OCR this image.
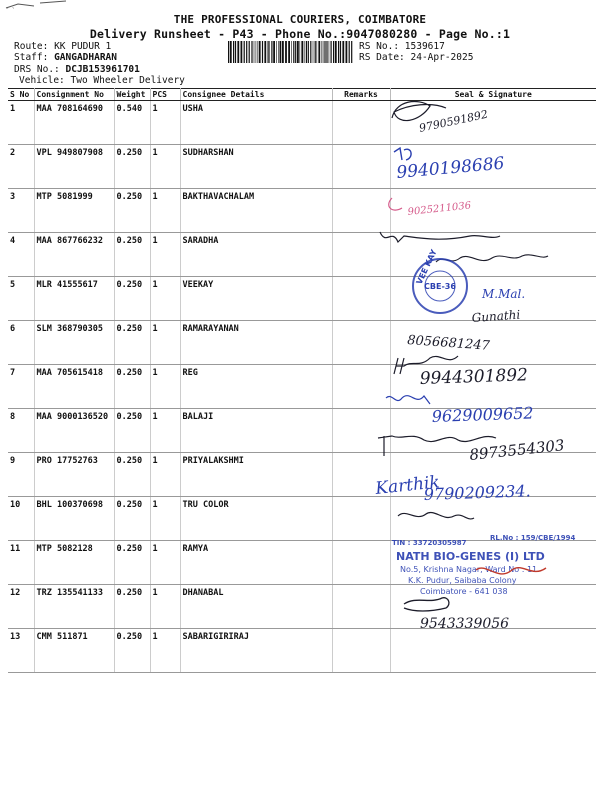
` `
THE PROFESSIONAL COURIERS, COIMBATORE
Delivery Runsheet - P43 - Phone No.:9047080280 - Page No.:1
Route: KK PUDUR 1
Staff: GANGADHARAN
DRS No.: DCJB153961701
Vehicle: Two Wheeler Delivery
RS No.: 1539617
RS Date: 24-Apr-2025
S No	Consignment No	Weight	PCS	Consignee Details	Remarks	Seal & Signature
1	MAA 708164690	0.540	1	USHA		
2	VPL 949807908	0.250	1	SUDHARSHAN		
3	MTP 5081999	0.250	1	BAKTHAVACHALAM		
4	MAA 867766232	0.250	1	SARADHA		
5	MLR 41555617	0.250	1	VEEKAY		
6	SLM 368790305	0.250	1	RAMARAYANAN		
7	MAA 705615418	0.250	1	REG		
8	MAA 9000136520	0.250	1	BALAJI		
9	PRO 17752763	0.250	1	PRIYALAKSHMI		
10	BHL 100370698	0.250	1	TRU COLOR		
11	MTP 5082128	0.250	1	RAMYA		
12	TRZ 135541133	0.250	1	DHANABAL		
13	CMM 511871	0.250	1	SABARIGIRIRAJ		
9790591892
9940198686
9025211036
M.Mal.
CBE-36
VEE KAY
Gunathi
8056681247
9944301892
9629009652
8973554303
Karthik
9790209234.
TIN : 33720305987
RL.No : 159/CBE/1994
NATH BIO-GENES (I) LTD
No.5, Krishna Nagar, Ward No : 11
K.K. Pudur, Saibaba Colony
Coimbatore - 641 038
9543339056
